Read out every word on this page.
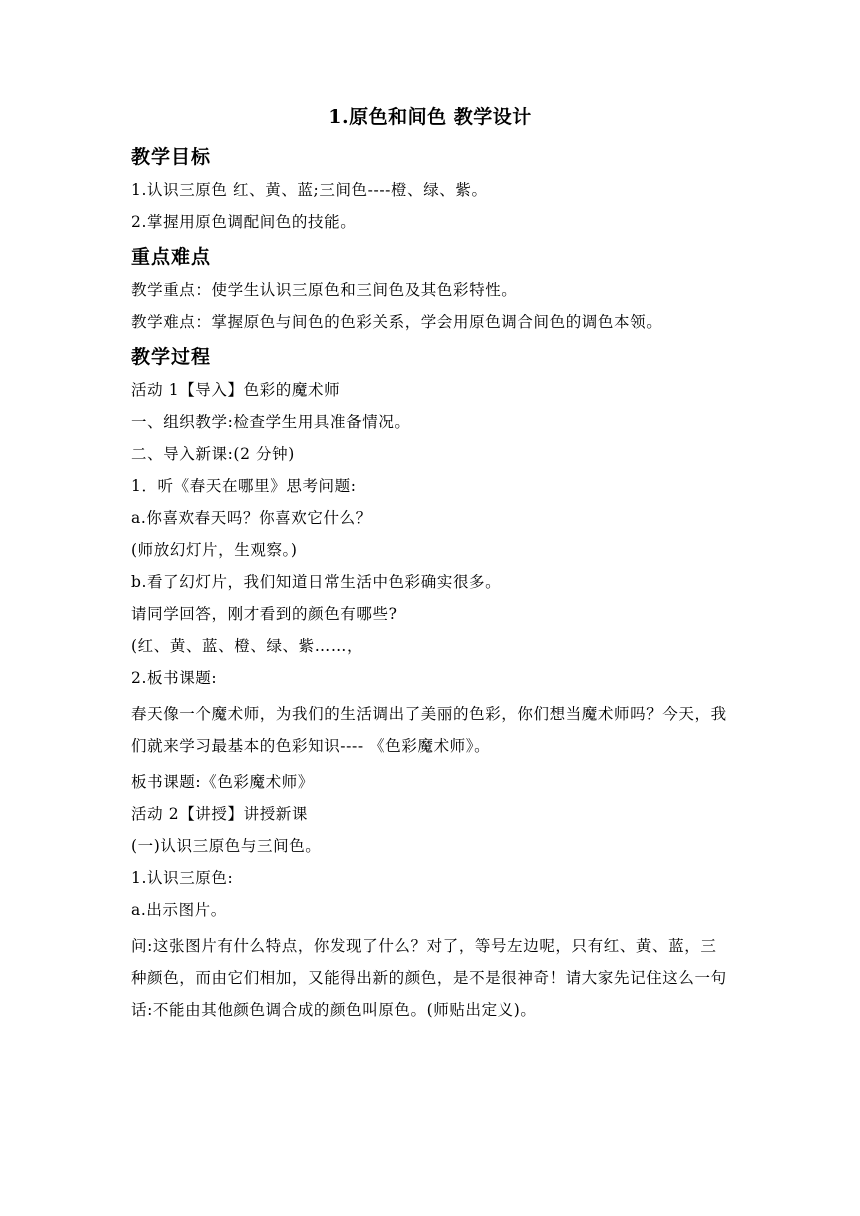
1.原色和间色 教学设计
教学目标
1.认识三原色 红、黄、蓝;三间色----橙、绿、紫。
2.掌握用原色调配间色的技能。
重点难点
教学重点：使学生认识三原色和三间色及其色彩特性。
教学难点：掌握原色与间色的色彩关系，学会用原色调合间色的调色本领。
教学过程
活动 1【导入】色彩的魔术师
一、组织教学:检查学生用具准备情况。
二、导入新课:(2 分钟)
1．听《春天在哪里》思考问题:
a.你喜欢春天吗？你喜欢它什么？
(师放幻灯片，生观察。)
b.看了幻灯片，我们知道日常生活中色彩确实很多。
请同学回答，刚才看到的颜色有哪些?
(红、黄、蓝、橙、绿、紫……，
2.板书课题:
春天像一个魔术师，为我们的生活调出了美丽的色彩，你们想当魔术师吗？今天，我们就来学习最基本的色彩知识---- 《色彩魔术师》。
板书课题:《色彩魔术师》
活动 2【讲授】讲授新课
(一)认识三原色与三间色。
1.认识三原色:
a.出示图片。
问:这张图片有什么特点，你发现了什么？对了，等号左边呢，只有红、黄、蓝，三种颜色，而由它们相加，又能得出新的颜色，是不是很神奇！请大家先记住这么一句话:不能由其他颜色调合成的颜色叫原色。(师贴出定义)。
